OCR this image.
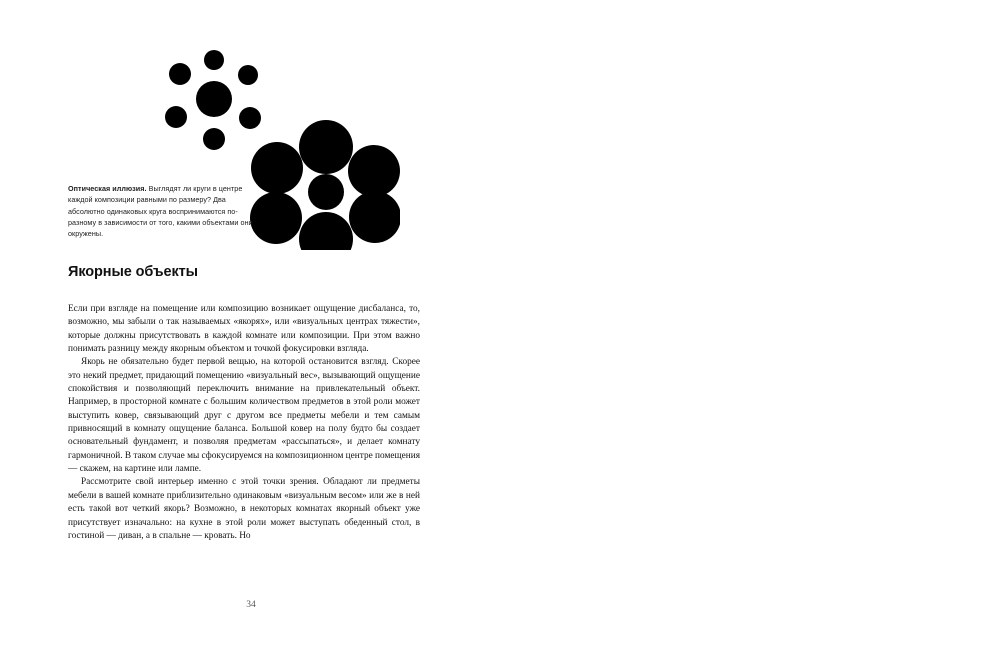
Оптическая иллюзия. Выглядят ли круги в центре каждой композиции равными по размеру? Два абсолютно одинаковых круга воспринимаются по-разному в зависимости от того, какими объектами они окружены.
Якорные объекты

Если при взгляде на помещение или композицию возникает ощущение дисбаланса, то, возможно, мы забыли о так называемых «якорях», или «визуальных центрах тяжести», которые должны присутствовать в каждой комнате или композиции. При этом важно понимать разницу между якорным объектом и точкой фокусировки взгляда.

Якорь не обязательно будет первой вещью, на которой остановится взгляд. Скорее это некий предмет, придающий помещению «визуальный вес», вызывающий ощущение спокойствия и позволяющий переключить внимание на привлекательный объект. Например, в просторной комнате с большим количеством предметов в этой роли может выступить ковер, связывающий друг с другом все предметы мебели и тем самым привносящий в комнату ощущение баланса. Большой ковер на полу будто бы создает основательный фундамент, и позволяя предметам «рассыпаться», и делает комнату гармоничной. В таком случае мы сфокусируемся на композиционном центре помещения — скажем, на картине или лампе.

Рассмотрите свой интерьер именно с этой точки зрения. Обладают ли предметы мебели в вашей комнате приблизительно одинаковым «визуальным весом» или же в ней есть такой вот четкий якорь? Возможно, в некоторых комнатах якорный объект уже присутствует изначально: на кухне в этой роли может выступать обеденный стол, в гостиной — диван, а в спальне — кровать. Но

34
